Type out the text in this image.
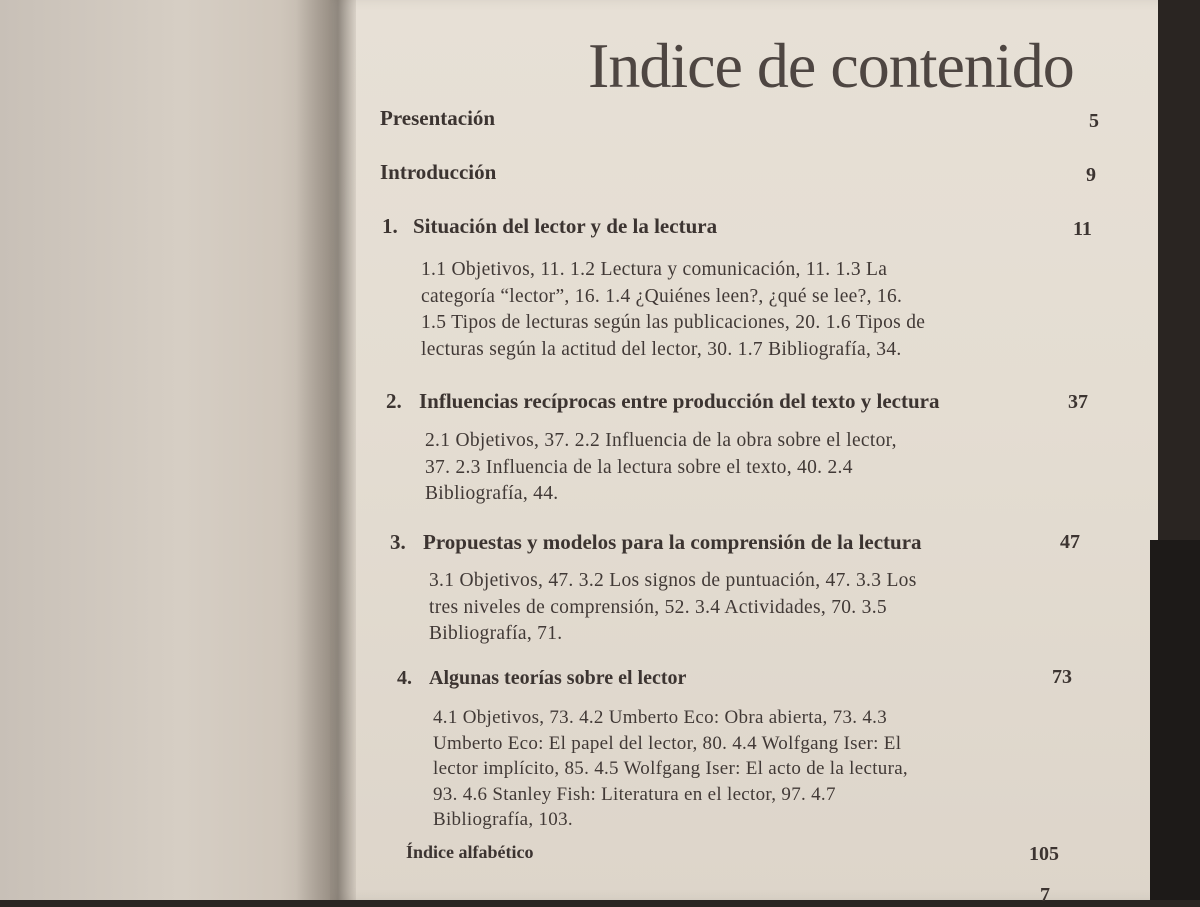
Indice de contenido
Presentación	5
Introducción	9
1. Situación del lector y de la lectura	11
1.1 Objetivos, 11. 1.2 Lectura y comunicación, 11. 1.3 La
categoría “lector”, 16. 1.4 ¿Quiénes leen?, ¿qué se lee?, 16.
1.5 Tipos de lecturas según las publicaciones, 20. 1.6 Tipos de
lecturas según la actitud del lector, 30. 1.7 Bibliografía, 34.
2. Influencias recíprocas entre producción del texto y lectura	37
2.1 Objetivos, 37. 2.2 Influencia de la obra sobre el lector,
37. 2.3 Influencia de la lectura sobre el texto, 40. 2.4
Bibliografía, 44.
3. Propuestas y modelos para la comprensión de la lectura	47
3.1 Objetivos, 47. 3.2 Los signos de puntuación, 47. 3.3 Los
tres niveles de comprensión, 52. 3.4 Actividades, 70. 3.5
Bibliografía, 71.
4. Algunas teorías sobre el lector	73
4.1 Objetivos, 73. 4.2 Umberto Eco: Obra abierta, 73. 4.3
Umberto Eco: El papel del lector, 80. 4.4 Wolfgang Iser: El
lector implícito, 85. 4.5 Wolfgang Iser: El acto de la lectura,
93. 4.6 Stanley Fish: Literatura en el lector, 97. 4.7
Bibliografía, 103.
Índice alfabético	105
7
